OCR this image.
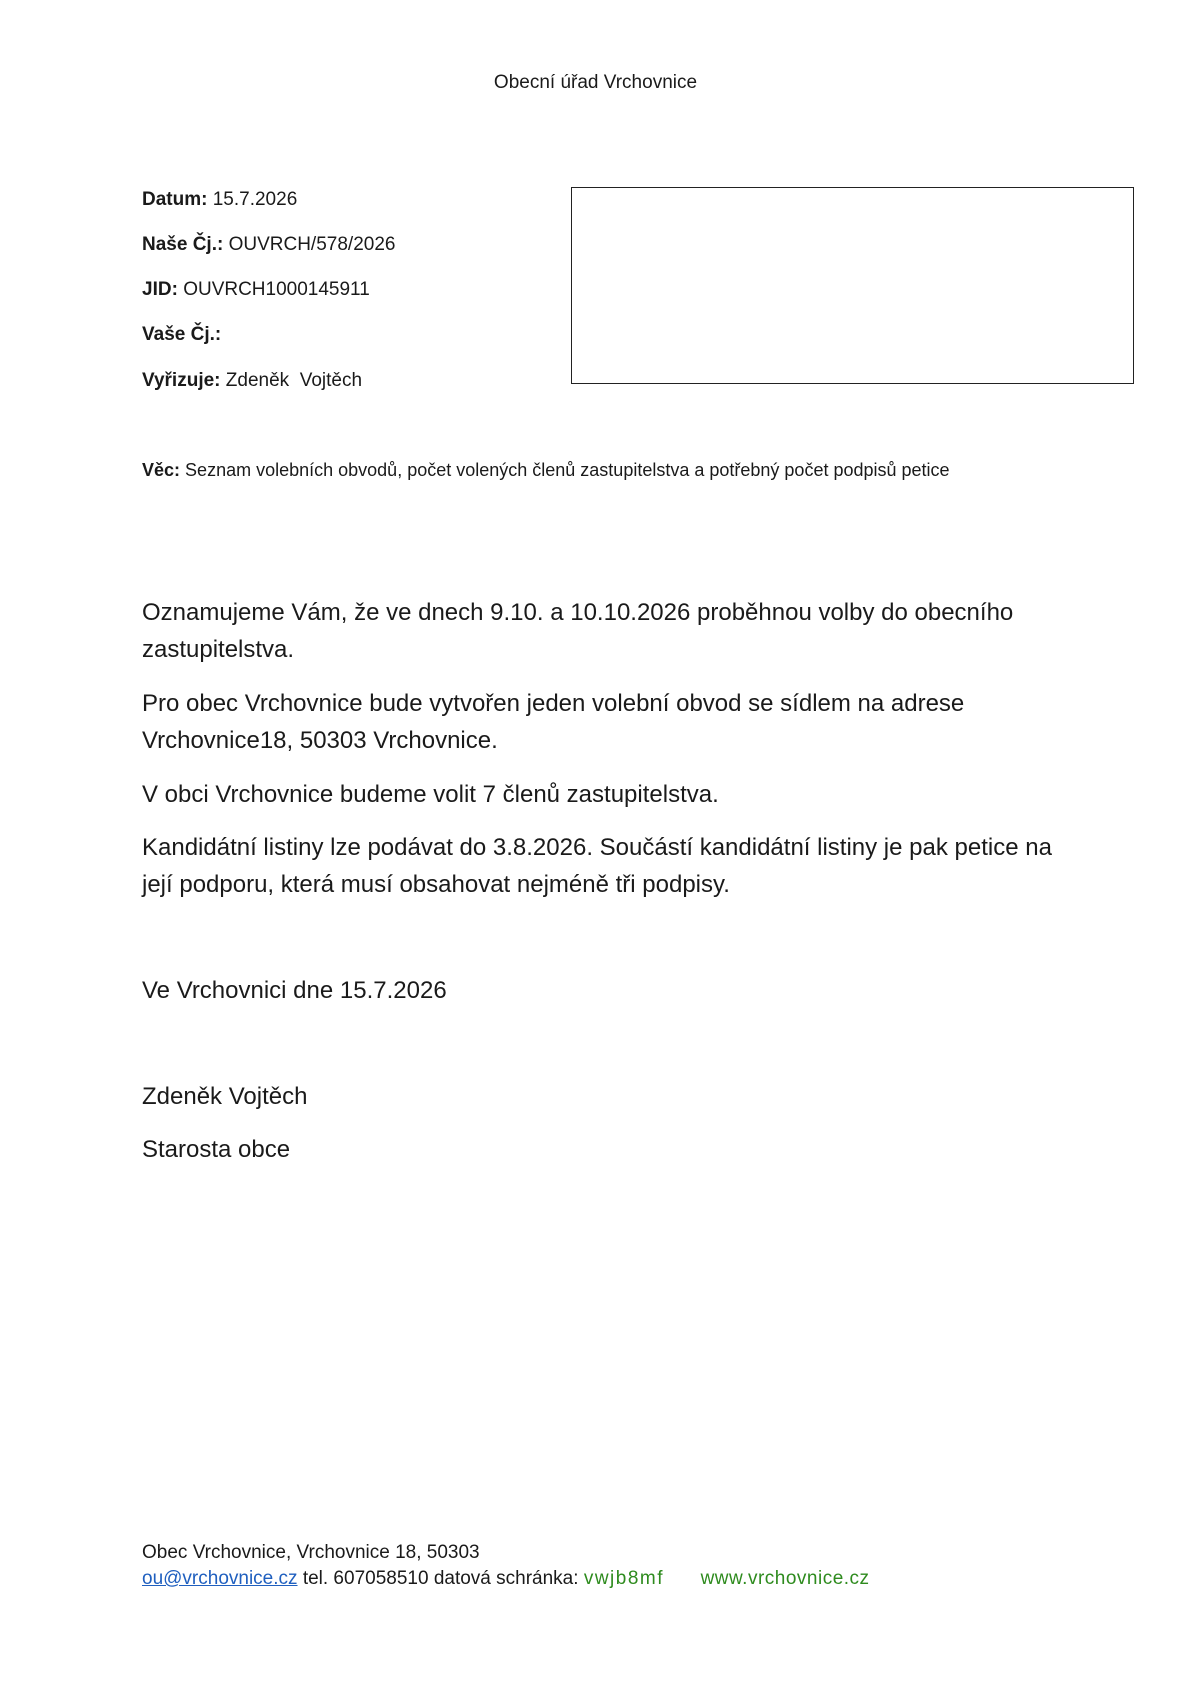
Obecní úřad Vrchovnice
Datum: 15.7.2026
Naše Čj.: OUVRCH/578/2026
JID: OUVRCH1000145911
Vaše Čj.:
Vyřizuje: Zdeněk  Vojtěch
Věc: Seznam volebních obvodů, počet volených členů zastupitelstva a potřebný počet podpisů petice

Oznamujeme Vám, že ve dnech 9.10. a 10.10.2026 proběhnou volby do obecního zastupitelstva.

Pro obec Vrchovnice bude vytvořen jeden volební obvod se sídlem na adrese Vrchovnice18, 50303 Vrchovnice.

V obci Vrchovnice budeme volit 7 členů zastupitelstva.

Kandidátní listiny lze podávat do 3.8.2026. Součástí kandidátní listiny je pak petice na její podporu, která musí obsahovat nejméně tři podpisy.

Ve Vrchovnici dne 15.7.2026

Zdeněk Vojtěch

Starosta obce

Obec Vrchovnice, Vrchovnice 18, 50303
ou@vrchovnice.cz tel. 607058510 datová schránka: vwjb8mf www.vrchovnice.cz
